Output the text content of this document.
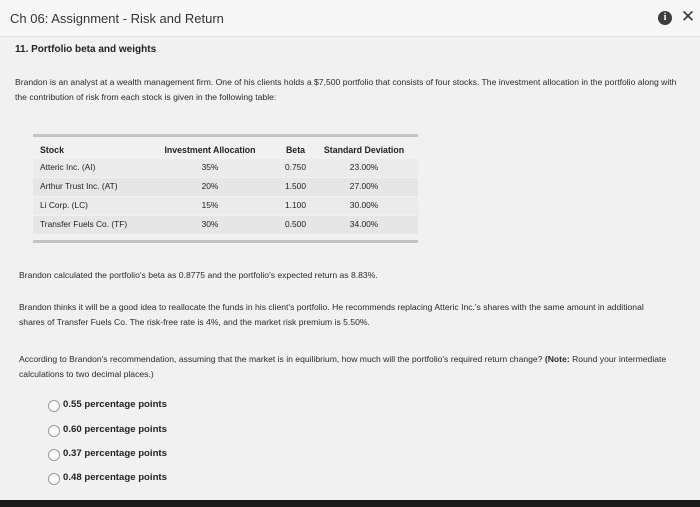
Ch 06: Assignment - Risk and Return	i ✕
11. Portfolio beta and weights
Brandon is an analyst at a wealth management firm. One of his clients holds a $7,500 portfolio that consists of four stocks. The investment allocation in the portfolio along with the contribution of risk from each stock is given in the following table:
Stock	Investment Allocation	Beta	Standard Deviation
Atteric Inc. (AI)	35%	0.750	23.00%
Arthur Trust Inc. (AT)	20%	1.500	27.00%
Li Corp. (LC)	15%	1.100	30.00%
Transfer Fuels Co. (TF)	30%	0.500	34.00%
Brandon calculated the portfolio's beta as 0.8775 and the portfolio's expected return as 8.83%.
Brandon thinks it will be a good idea to reallocate the funds in his client's portfolio. He recommends replacing Atteric Inc.'s shares with the same amount in additional shares of Transfer Fuels Co. The risk-free rate is 4%, and the market risk premium is 5.50%.
According to Brandon's recommendation, assuming that the market is in equilibrium, how much will the portfolio's required return change? (Note: Round your intermediate calculations to two decimal places.)
0.55 percentage points
0.60 percentage points
0.37 percentage points
0.48 percentage points
